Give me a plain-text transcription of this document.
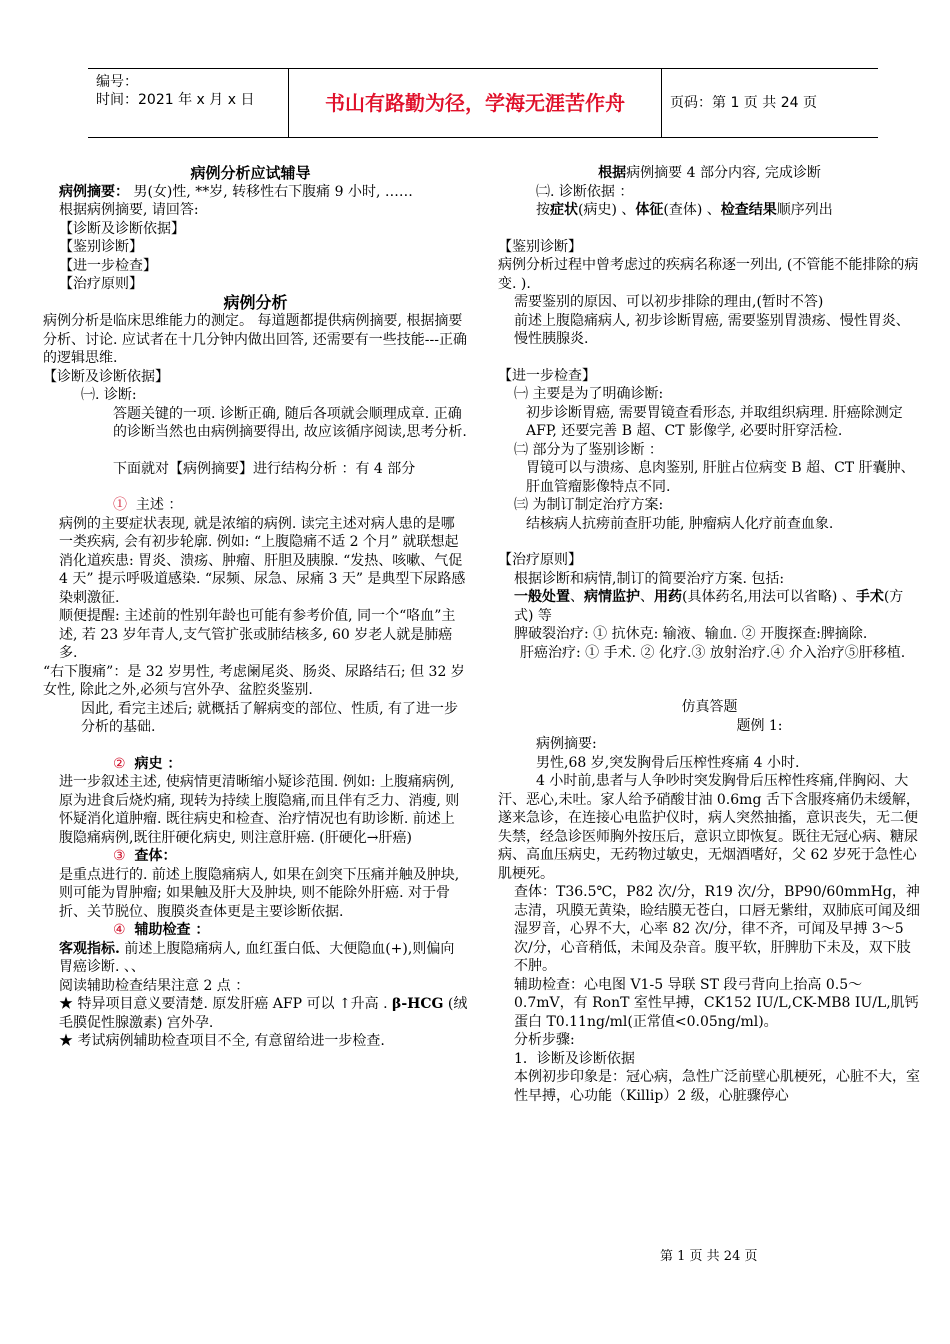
编号：
时间：2021 年 x 月 x 日	书山有路勤为径，学海无涯苦作舟	页码：第 1 页 共 24 页

病例分析应试辅导

病例摘要： 男(女)性, **岁, 转移性右下腹痛 9 小时, ……

根据病例摘要, 请回答:

【诊断及诊断依据】

【鉴别诊断】

【进一步检查】

【治疗原则】

病例分析

病例分析是临床思维能力的测定。 每道题都提供病例摘要, 根据摘要分析、讨论. 应试者在十几分钟内做出回答, 还需要有一些技能---正确的逻辑思维.

【诊断及诊断依据】

㈠. 诊断:

答题关键的一项. 诊断正确, 随后各项就会顺理成章. 正确的诊断当然也由病例摘要得出, 故应该循序阅读,思考分析.

下面就对【病例摘要】进行结构分析 ：有 4 部分

① 主述 ：

病例的主要症状表现, 就是浓缩的病例. 读完主述对病人患的是哪一类疾病, 会有初步轮廓. 例如: “上腹隐痛不适 2 个月” 就联想起消化道疾患: 胃炎、溃疡、肿瘤、肝胆及胰腺. “发热、咳嗽、气促 4 天” 提示呼吸道感染. “尿频、尿急、尿痛 3 天” 是典型下尿路感染刺激征.

顺便提醒: 主述前的性别年龄也可能有参考价值, 同一个“咯血”主述, 若 23 岁年青人,支气管扩张或肺结核多, 60 岁老人就是肺癌多.

“右下腹痛”：是 32 岁男性, 考虑阑尾炎、肠炎、尿路结石; 但 32 岁女性, 除此之外,必须与宫外孕、盆腔炎鉴别.

因此, 看完主述后; 就概括了解病变的部位、性质, 有了进一步分析的基础.

② 病史 ：

进一步叙述主述, 使病情更清晰缩小疑诊范围. 例如: 上腹痛病例, 原为进食后烧灼痛, 现转为持续上腹隐痛,而且伴有乏力、消瘦, 则怀疑消化道肿瘤. 既往病史和检查、治疗情况也有助诊断. 前述上腹隐痛病例,既往肝硬化病史, 则注意肝癌. (肝硬化→肝癌)

③ 查体：

是重点进行的. 前述上腹隐痛病人, 如果在剑突下压痛并触及肿块, 则可能为胃肿瘤; 如果触及肝大及肿块, 则不能除外肝癌. 对于骨折、关节脱位、腹膜炎查体更是主要诊断依据.

④ 辅助检查 ：

客观指标. 前述上腹隐痛病人, 血红蛋白低、大便隐血(+),则偏向胃癌诊断. 、、

阅读辅助检查结果注意 2 点 ：

★ 特异项目意义要清楚. 原发肝癌 AFP 可以 ↑升高 . β-HCG (绒毛膜促性腺激素) 宫外孕.

★ 考试病例辅助检查项目不全, 有意留给进一步检查.

根据病例摘要 4 部分内容, 完成诊断

㈡. 诊断依据 ：

按症状(病史) 、体征(查体) 、检查结果顺序列出

【鉴别诊断】

病例分析过程中曾考虑过的疾病名称逐一列出, (不管能不能排除的病变. ).

需要鉴别的原因、可以初步排除的理由,(暂时不答)

前述上腹隐痛病人, 初步诊断胃癌, 需要鉴别胃溃疡、慢性胃炎、慢性胰腺炎.

【进一步检查】

㈠ 主要是为了明确诊断:

初步诊断胃癌, 需要胃镜查看形态, 并取组织病理. 肝癌除测定 AFP, 还要完善 B 超、CT 影像学, 必要时肝穿活检.

㈡ 部分为了鉴别诊断 ：

胃镜可以与溃疡、息肉鉴别, 肝脏占位病变 B 超、CT 肝囊肿、肝血管瘤影像特点不同.

㈢ 为制订制定治疗方案:

结核病人抗痨前查肝功能, 肿瘤病人化疗前查血象.

【治疗原则】

根据诊断和病情,制订的简要治疗方案. 包括:

一般处置、病情监护、用药(具体药名,用法可以省略) 、手术(方式) 等

脾破裂治疗: ① 抗休克: 输液、输血. ② 开腹探查:脾摘除.

肝癌治疗: ① 手术. ② 化疗.③ 放射治疗.④ 介入治疗⑤肝移植.

仿真答题

题例 1:

病例摘要:

男性,68 岁,突发胸骨后压榨性疼痛 4 小时.

4 小时前,患者与人争吵时突发胸骨后压榨性疼痛,伴胸闷、大汗、恶心,未吐。家人给予硝酸甘油 0.6mg 舌下含服疼痛仍未缓解，遂来急诊，在连接心电监护仪时，病人突然抽搐，意识丧失，无二便失禁，经急诊医师胸外按压后，意识立即恢复。既往无冠心病、糖尿病、高血压病史，无药物过敏史，无烟酒嗜好，父 62 岁死于急性心肌梗死。

查体：T36.5℃，P82 次/分，R19 次/分，BP90/60mmHg，神志清，巩膜无黄染，睑结膜无苍白，口唇无紫绀，双肺底可闻及细湿罗音，心界不大，心率 82 次/分，律不齐，可闻及早搏 3～5 次/分，心音稍低，未闻及杂音。腹平软，肝脾肋下未及，双下肢不肿。

辅助检查：心电图 V1-5 导联 ST 段弓背向上抬高 0.5～0.7mV，有 RonT 室性早搏，CK152 IU/L,CK-MB8 IU/L,肌钙蛋白 T0.11ng/ml(正常值<0.05ng/ml)。

分析步骤:

1．诊断及诊断依据

本例初步印象是：冠心病，急性广泛前壁心肌梗死，心脏不大，室性早搏，心功能（Killip）2 级，心脏骤停心

第 1 页 共 24 页
